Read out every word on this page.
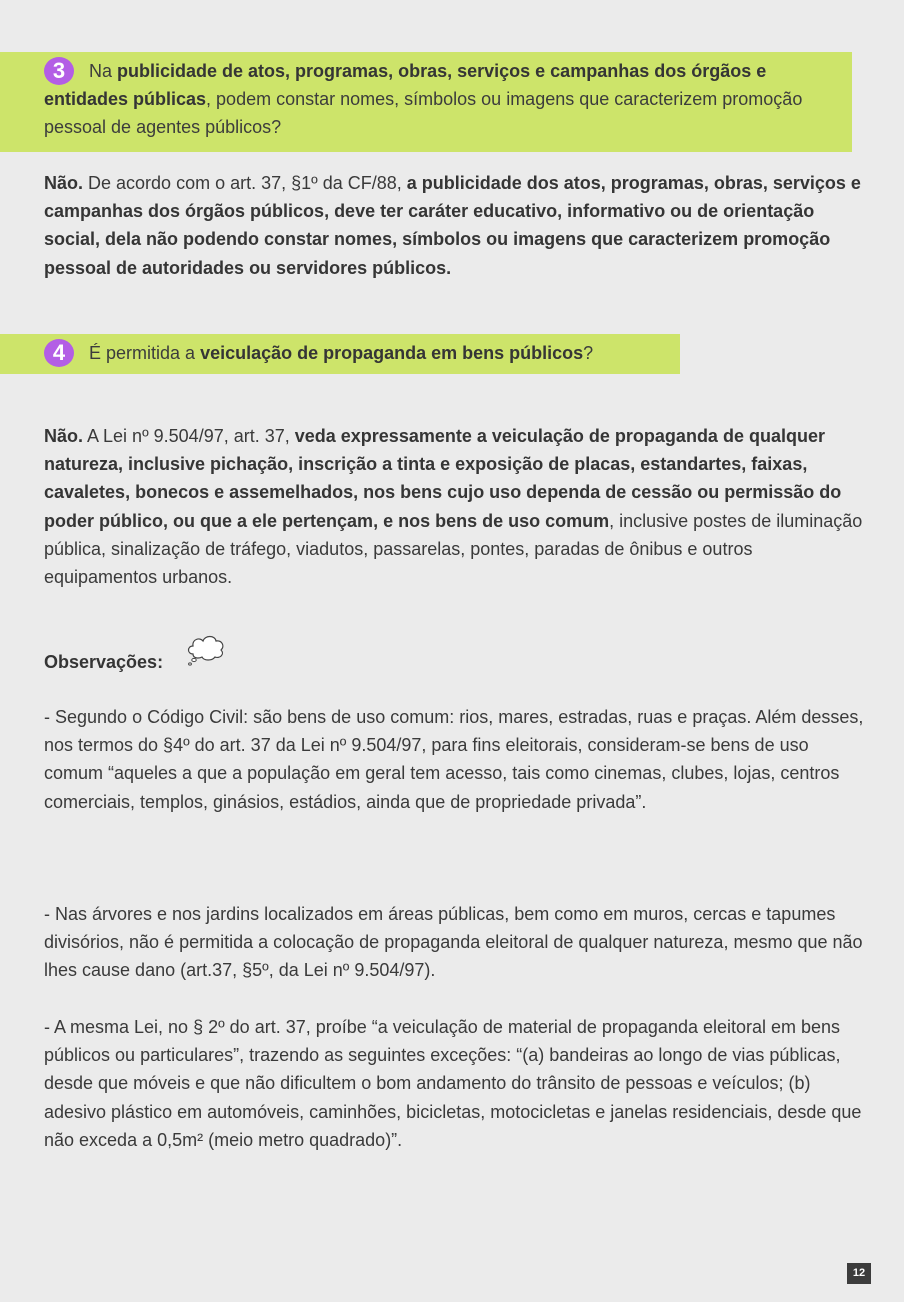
3 Na publicidade de atos, programas, obras, serviços e campanhas dos órgãos e entidades públicas, podem constar nomes, símbolos ou imagens que caracterizem promoção pessoal de agentes públicos?
Não. De acordo com o art. 37, §1º da CF/88, a publicidade dos atos, programas, obras, serviços e campanhas dos órgãos públicos, deve ter caráter educativo, informativo ou de orientação social, dela não podendo constar nomes, símbolos ou imagens que caracterizem promoção pessoal de autoridades ou servidores públicos.
4 É permitida a veiculação de propaganda em bens públicos?
Não. A Lei nº 9.504/97, art. 37, veda expressamente a veiculação de propaganda de qualquer natureza, inclusive pichação, inscrição a tinta e exposição de placas, estandartes, faixas, cavaletes, bonecos e assemelhados, nos bens cujo uso dependa de cessão ou permissão do poder público, ou que a ele pertençam, e nos bens de uso comum, inclusive postes de iluminação pública, sinalização de tráfego, viadutos, passarelas, pontes, paradas de ônibus e outros equipamentos urbanos.
Observações:
- Segundo o Código Civil: são bens de uso comum: rios, mares, estradas, ruas e praças. Além desses, nos termos do §4º do art. 37 da Lei nº 9.504/97, para fins eleitorais, consideram-se bens de uso comum “aqueles a que a população em geral tem acesso, tais como cinemas, clubes, lojas, centros comerciais, templos, ginásios, estádios, ainda que de propriedade privada”.
- Nas árvores e nos jardins localizados em áreas públicas, bem como em muros, cercas e tapumes divisórios, não é permitida a colocação de propaganda eleitoral de qualquer natureza, mesmo que não lhes cause dano (art.37, §5º, da Lei nº 9.504/97).
- A mesma Lei, no § 2º do art. 37, proíbe “a veiculação de material de propaganda eleitoral em bens públicos ou particulares”, trazendo as seguintes exceções: “(a) bandeiras ao longo de vias públicas, desde que móveis e que não dificultem o bom andamento do trânsito de pessoas e veículos; (b) adesivo plástico em automóveis, caminhões, bicicletas, motocicletas e janelas residenciais, desde que não exceda a 0,5m² (meio metro quadrado)”.
12
